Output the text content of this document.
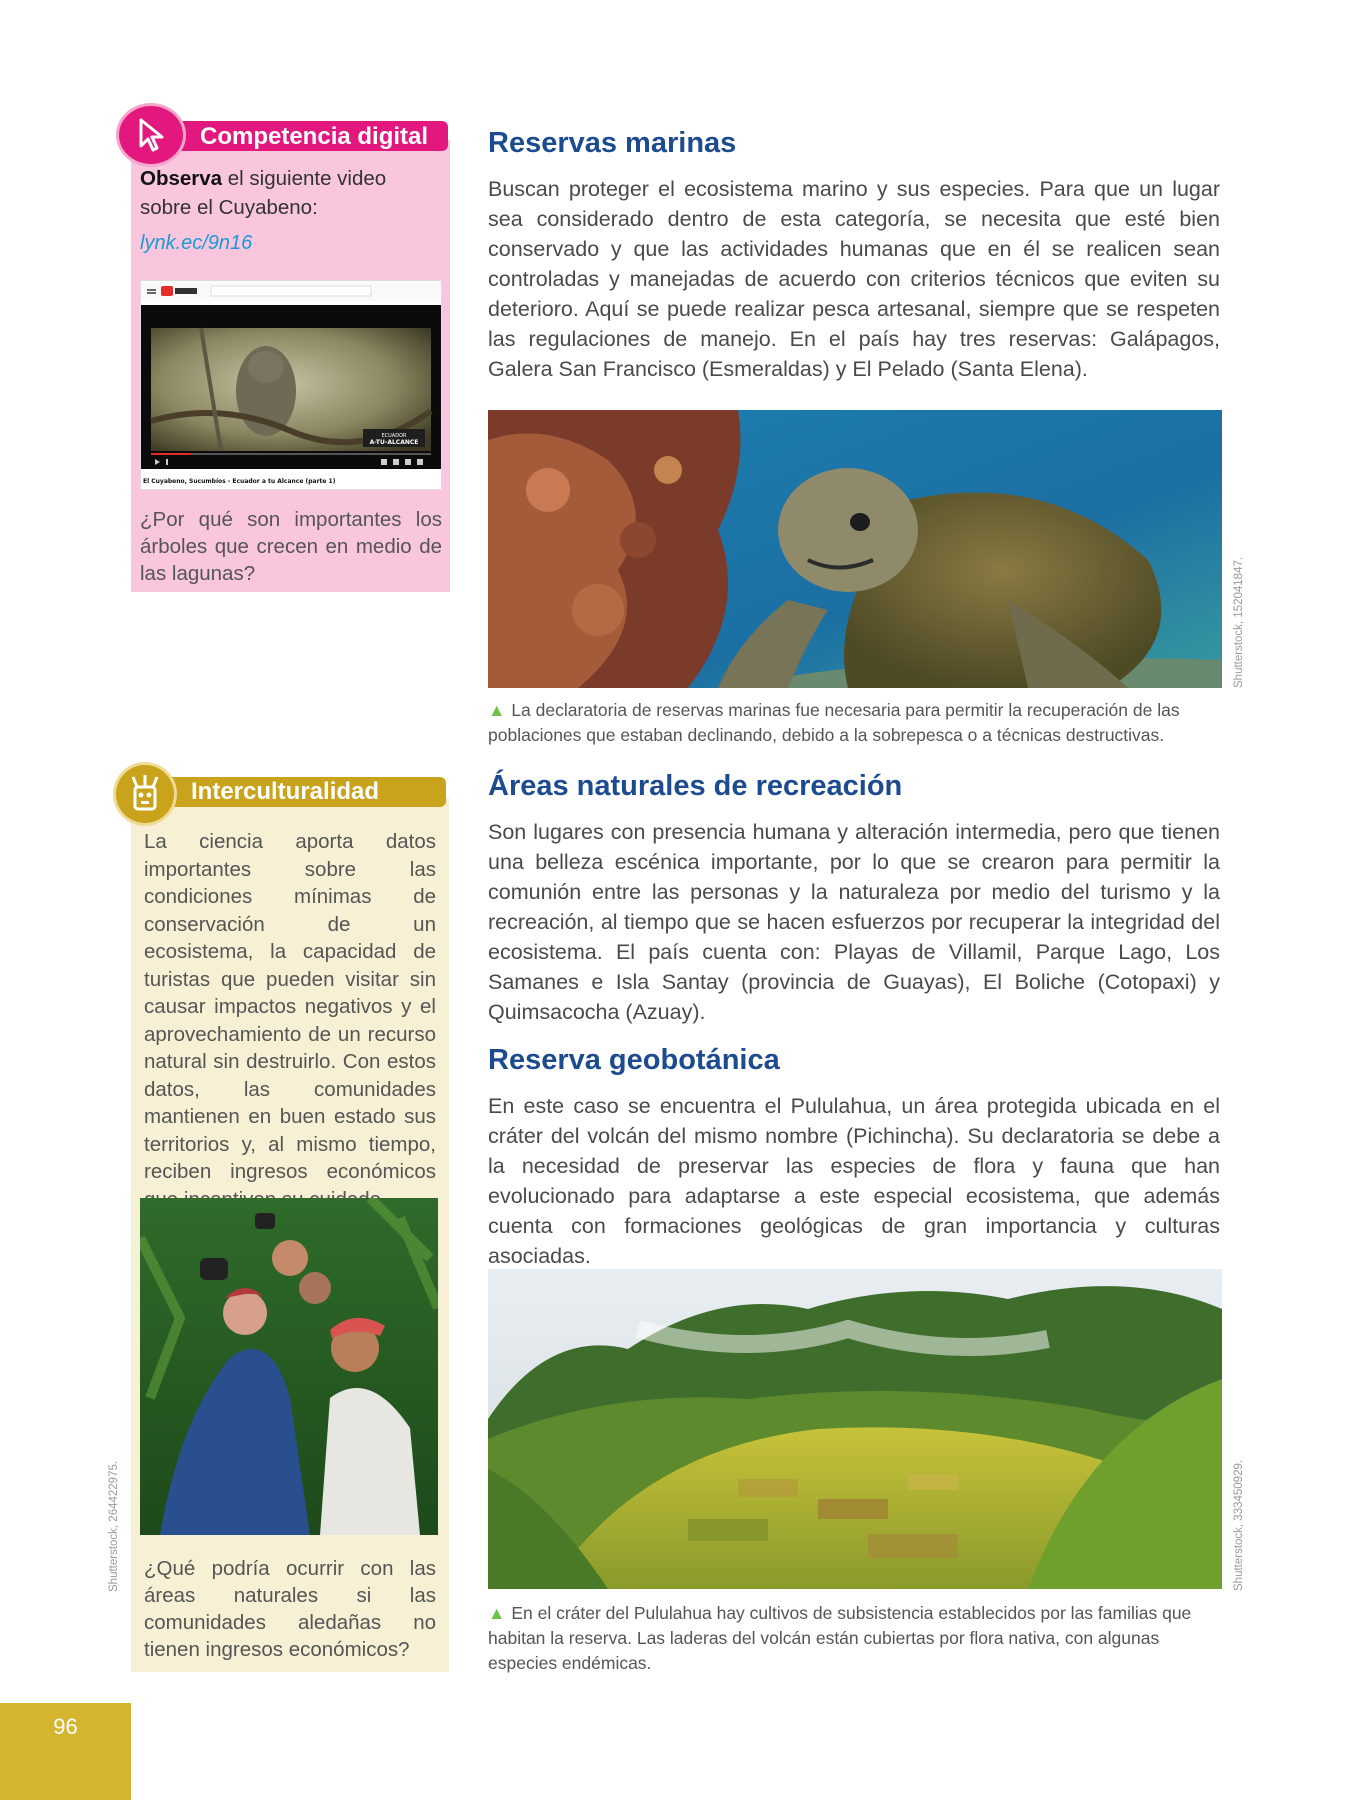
Competencia digital
Observa el siguiente video sobre el Cuyabeno:
lynk.ec/9n16
ECUADOR
A-TU-ALCANCE
El Cuyabeno, Sucumbíos - Ecuador a tu Alcance (parte 1)
¿Por qué son importantes los árboles que crecen en medio de las lagunas?
Interculturalidad
La ciencia aporta datos importantes sobre las condiciones mínimas de conservación de un ecosistema, la capacidad de turistas que pueden visitar sin causar impactos negativos y el aprovechamiento de un recurso natural sin destruirlo. Con estos datos, las comunidades mantienen en buen estado sus territorios y, al mismo tiempo, reciben ingresos económicos
Shutterstock, 264422975. ¿Qué podría ocurrir con las áreas naturales si las comunidades aledañas no tienen ingresos económicos?
Reservas marinas
Buscan proteger el ecosistema marino y sus especies. Para que un lugar sea considerado dentro de esta categoría, se necesita que esté bien conservado y que las actividades humanas que en él se realicen sean controladas y manejadas de acuerdo con criterios técnicos que eviten su deterioro. Aquí se puede realizar pesca artesanal, siempre que se respeten las regulaciones de manejo. En el país hay tres reservas: Galápagos, Galera San Francisco (Esmeraldas) y El Pelado (Santa Elena).
Shutterstock, 152041847.
▲ La declaratoria de reservas marinas fue necesaria para permitir la recuperación de las poblaciones que estaban declinando, debido a la sobrepesca o a técnicas destructivas.
Áreas naturales de recreación
Son lugares con presencia humana y alteración intermedia, pero que tienen una belleza escénica importante, por lo que se crearon para permitir la comunión entre las personas y la naturaleza por medio del turismo y la recreación, al tiempo que se hacen esfuerzos por recuperar la integridad del ecosistema. El país cuenta con: Playas de Villamil, Parque Lago, Los Samanes e Isla Santay (provincia de Guayas), El Boliche (Cotopaxi) y Quimsacocha (Azuay).
Reserva geobotánica
En este caso se encuentra el Pululahua, un área protegida ubicada en el cráter del volcán del mismo nombre (Pichincha). Su declaratoria se debe a la necesidad de preservar las especies de flora y fauna que han evolucionado para adaptarse a este especial ecosistema, que además cuenta con formaciones geológicas de gran importancia y culturas asociadas.
Shutterstock, 333450929.
▲ En el cráter del Pululahua hay cultivos de subsistencia establecidos por las familias que habitan la reserva. Las laderas del volcán están cubiertas por flora nativa, con algunas especies endémicas.
96
